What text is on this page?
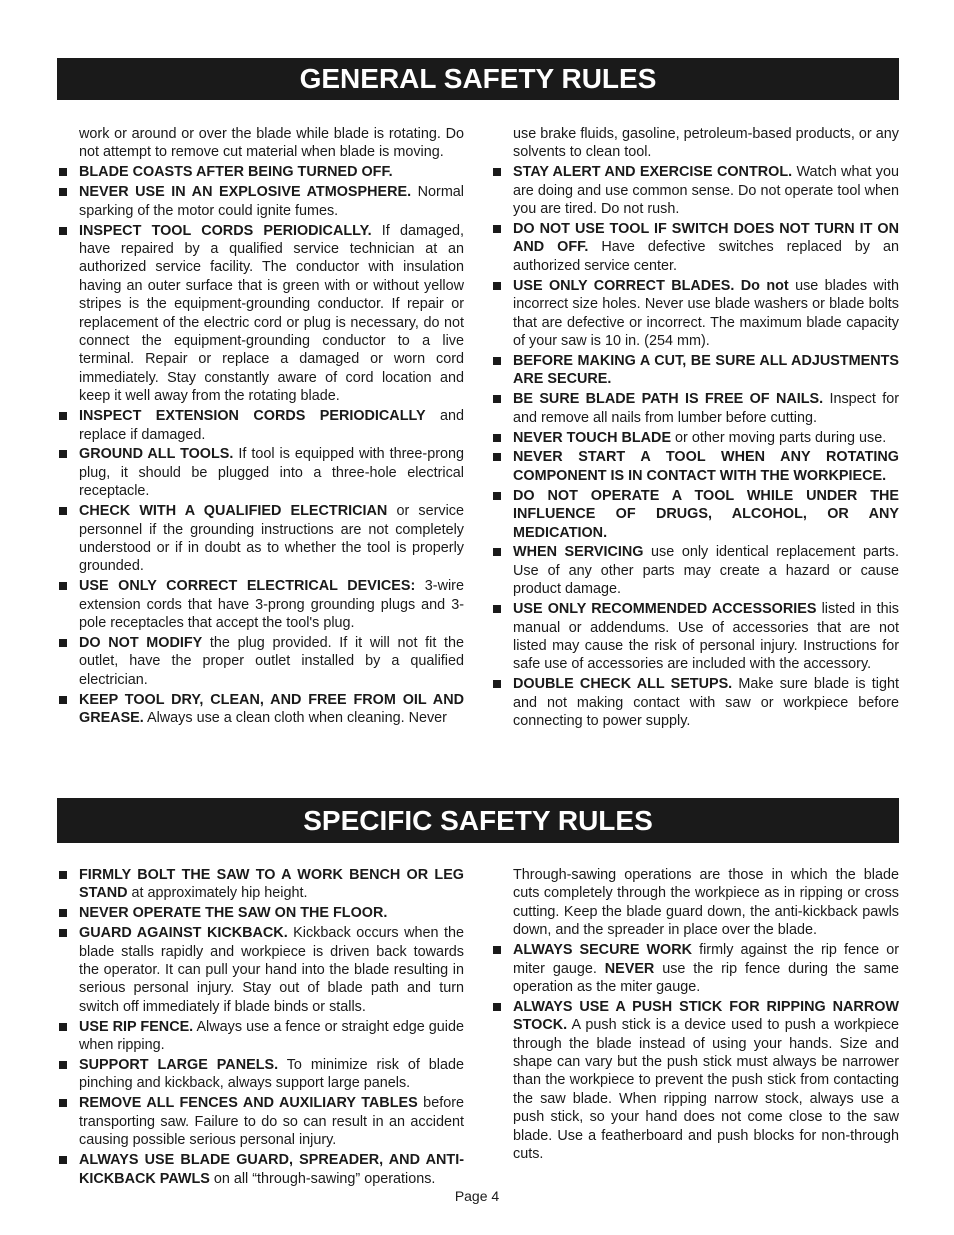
GENERAL SAFETY RULES

work or around or over the blade while blade is rotating. Do not attempt to remove cut material when blade is moving.

BLADE COASTS AFTER BEING TURNED OFF.
NEVER USE IN AN EXPLOSIVE ATMOSPHERE. Normal sparking of the motor could ignite fumes.
INSPECT TOOL CORDS PERIODICALLY. If damaged, have repaired by a qualified service technician at an authorized service facility. The conductor with insulation having an outer surface that is green with or without yellow stripes is the equipment-grounding conductor. If repair or replacement of the electric cord or plug is necessary, do not connect the equipment-grounding conductor to a live terminal. Repair or replace a damaged or worn cord immediately. Stay constantly aware of cord location and keep it well away from the rotating blade.
INSPECT EXTENSION CORDS PERIODICALLY and replace if damaged.
GROUND ALL TOOLS. If tool is equipped with three-prong plug, it should be plugged into a three-hole electrical receptacle.
CHECK WITH A QUALIFIED ELECTRICIAN or service personnel if the grounding instructions are not completely understood or if in doubt as to whether the tool is properly grounded.
USE ONLY CORRECT ELECTRICAL DEVICES: 3-wire extension cords that have 3-prong grounding plugs and 3-pole receptacles that accept the tool's plug.
DO NOT MODIFY the plug provided. If it will not fit the outlet, have the proper outlet installed by a qualified electrician.
KEEP TOOL DRY, CLEAN, AND FREE FROM OIL AND GREASE. Always use a clean cloth when cleaning. Never

use brake fluids, gasoline, petroleum-based products, or any solvents to clean tool.

STAY ALERT AND EXERCISE CONTROL. Watch what you are doing and use common sense. Do not operate tool when you are tired. Do not rush.
DO NOT USE TOOL IF SWITCH DOES NOT TURN IT ON AND OFF. Have defective switches replaced by an authorized service center.
USE ONLY CORRECT BLADES. Do not use blades with incorrect size holes. Never use blade washers or blade bolts that are defective or incorrect. The maximum blade capacity of your saw is 10 in. (254 mm).
BEFORE MAKING A CUT, BE SURE ALL ADJUSTMENTS ARE SECURE.
BE SURE BLADE PATH IS FREE OF NAILS. Inspect for and remove all nails from lumber before cutting.
NEVER TOUCH BLADE or other moving parts during use.
NEVER START A TOOL WHEN ANY ROTATING COMPONENT IS IN CONTACT WITH THE WORKPIECE.
DO NOT OPERATE A TOOL WHILE UNDER THE INFLUENCE OF DRUGS, ALCOHOL, OR ANY MEDICATION.
WHEN SERVICING use only identical replacement parts. Use of any other parts may create a hazard or cause product damage.
USE ONLY RECOMMENDED ACCESSORIES listed in this manual or addendums. Use of accessories that are not listed may cause the risk of personal injury. Instructions for safe use of accessories are included with the accessory.
DOUBLE CHECK ALL SETUPS. Make sure blade is tight and not making contact with saw or workpiece before connecting to power supply.
SPECIFIC SAFETY RULES
FIRMLY BOLT THE SAW TO A WORK BENCH OR LEG STAND at approximately hip height.
NEVER OPERATE THE SAW ON THE FLOOR.
GUARD AGAINST KICKBACK. Kickback occurs when the blade stalls rapidly and workpiece is driven back towards the operator. It can pull your hand into the blade resulting in serious personal injury. Stay out of blade path and turn switch off immediately if blade binds or stalls.
USE RIP FENCE. Always use a fence or straight edge guide when ripping.
SUPPORT LARGE PANELS. To minimize risk of blade pinching and kickback, always support large panels.
REMOVE ALL FENCES AND AUXILIARY TABLES before transporting saw. Failure to do so can result in an accident causing possible serious personal injury.
ALWAYS USE BLADE GUARD, SPREADER, AND ANTI-KICKBACK PAWLS on all “through-sawing” operations.

Through-sawing operations are those in which the blade cuts completely through the workpiece as in ripping or cross cutting. Keep the blade guard down, the anti-kickback pawls down, and the spreader in place over the blade.

ALWAYS SECURE WORK firmly against the rip fence or miter gauge. NEVER use the rip fence during the same operation as the miter gauge.
ALWAYS USE A PUSH STICK FOR RIPPING NARROW STOCK. A push stick is a device used to push a workpiece through the blade instead of using your hands. Size and shape can vary but the push stick must always be narrower than the workpiece to prevent the push stick from contacting the saw blade. When ripping narrow stock, always use a push stick, so your hand does not come close to the saw blade. Use a featherboard and push blocks for non-through cuts.
Page 4
